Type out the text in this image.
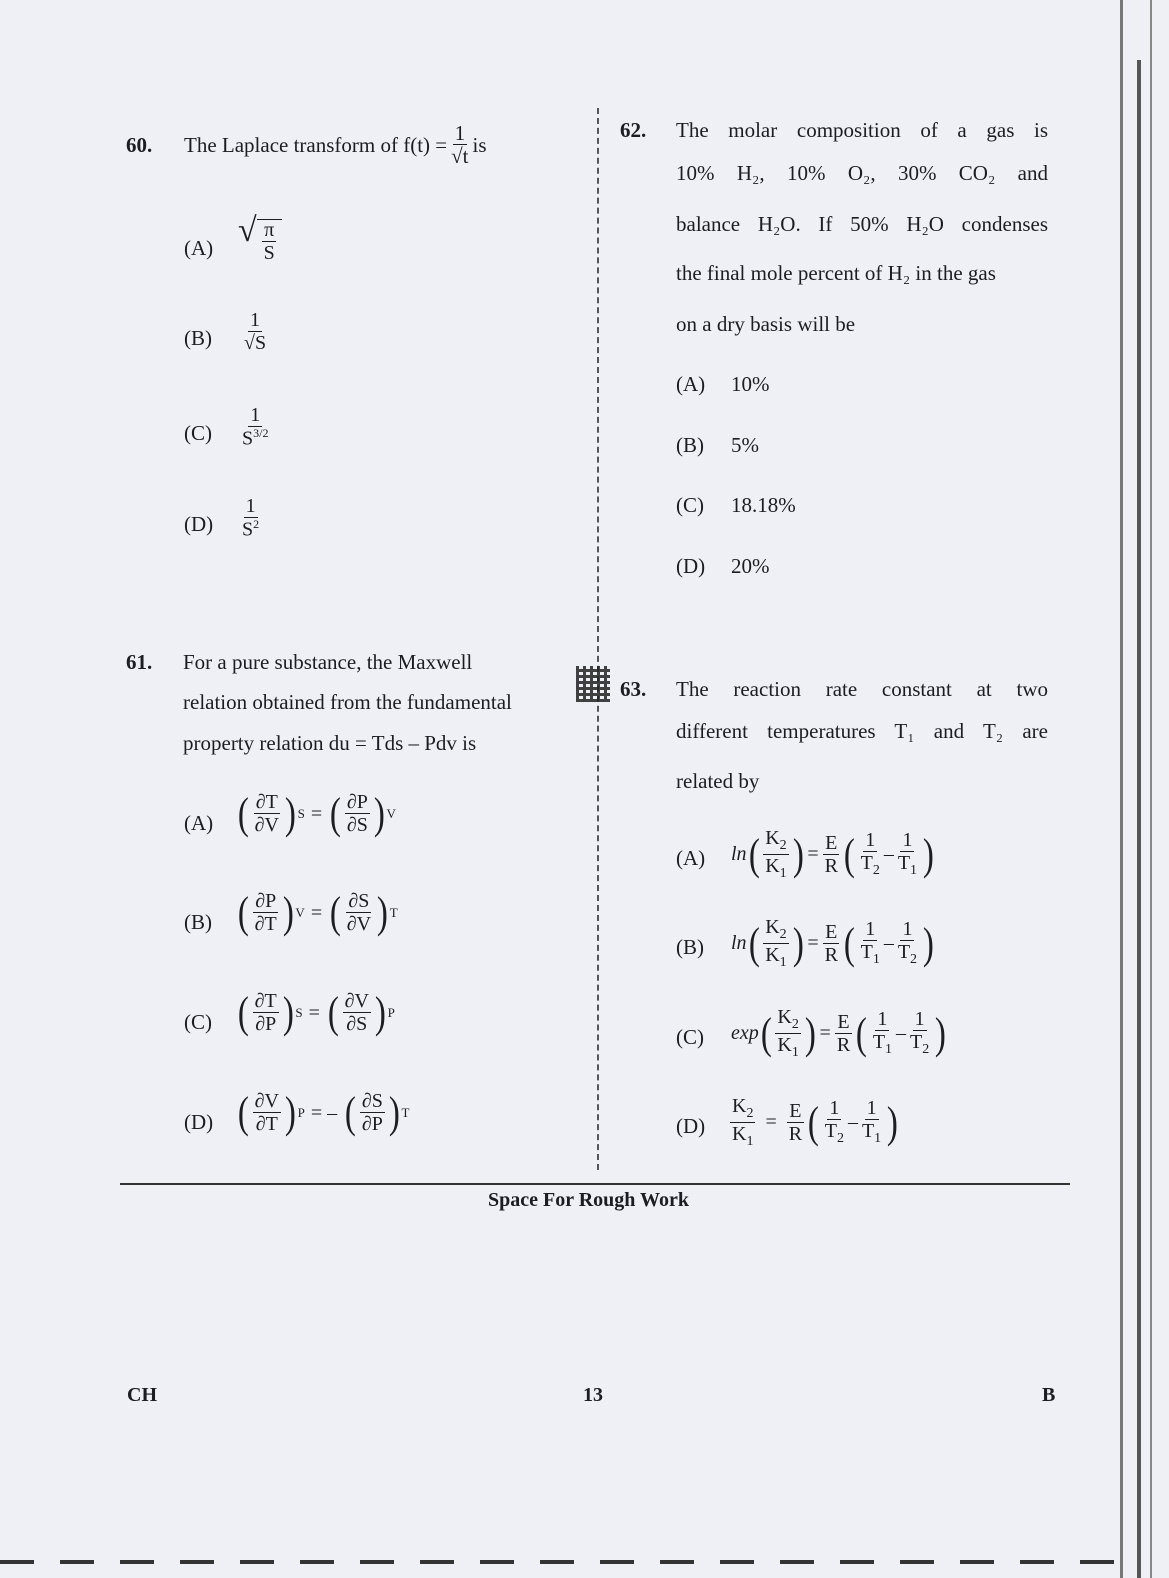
60. The Laplace transform of $f(t) = \frac{1}{√t}$ is
(A) √ $\frac{\pi}{S}$
$(B) \frac{1}{√S}$
$(C) \frac{1}{S^{3/2}}$
$(D) \frac{1}{S^2}$
61. For a pure substance, the Maxwell
relation obtained from the fundamental
property relation du = Tds – Pdv is
(A) ( $\frac{\partial T}{\partial V}$ ) S = ( $\frac{\partial P}{\partial S}$ ) V
(B) ( $\frac{\partial P}{\partial T}$ ) V = ( $\frac{\partial S}{\partial V}$ ) T
(C) ( $\frac{\partial T}{\partial P}$ ) S = ( $\frac{\partial V}{\partial S}$ ) P
(D) ( $\frac{\partial V}{\partial T}$ ) P = – ( $\frac{\partial S}{\partial P}$ ) T
62. The molar composition of a gas is
10% H₂, 10% O₂, 30% CO₂ and
balance H₂O. If 50% H₂O condenses
the final mole percent of H₂ in the gas
on a dry basis will be
(A) 10%
(B) 5%
(C) 18.18%
(D) 20%
63. The reaction rate constant at two
different temperatures T₁ and T₂ are
related by
(A) ln ( $\frac{K_2}{K_1}$ ) = $\frac{E}{R}$ ( $\frac{1}{T_2} - \frac{1}{T_1}$ )
(B) ln ( $\frac{K_2}{K_1}$ ) = $\frac{E}{R}$ ( $\frac{1}{T_1} - \frac{1}{T_2}$ )
(C) exp ( $\frac{K_2}{K_1}$ ) = $\frac{E}{R}$ ( $\frac{1}{T_1} - \frac{1}{T_2}$ )
$(D) \frac{K_2}{K_1} = \frac{E}{R}$ ( $\frac{1}{T_2} - \frac{1}{T_1}$ )
Space For Rough Work
CH	13	B
